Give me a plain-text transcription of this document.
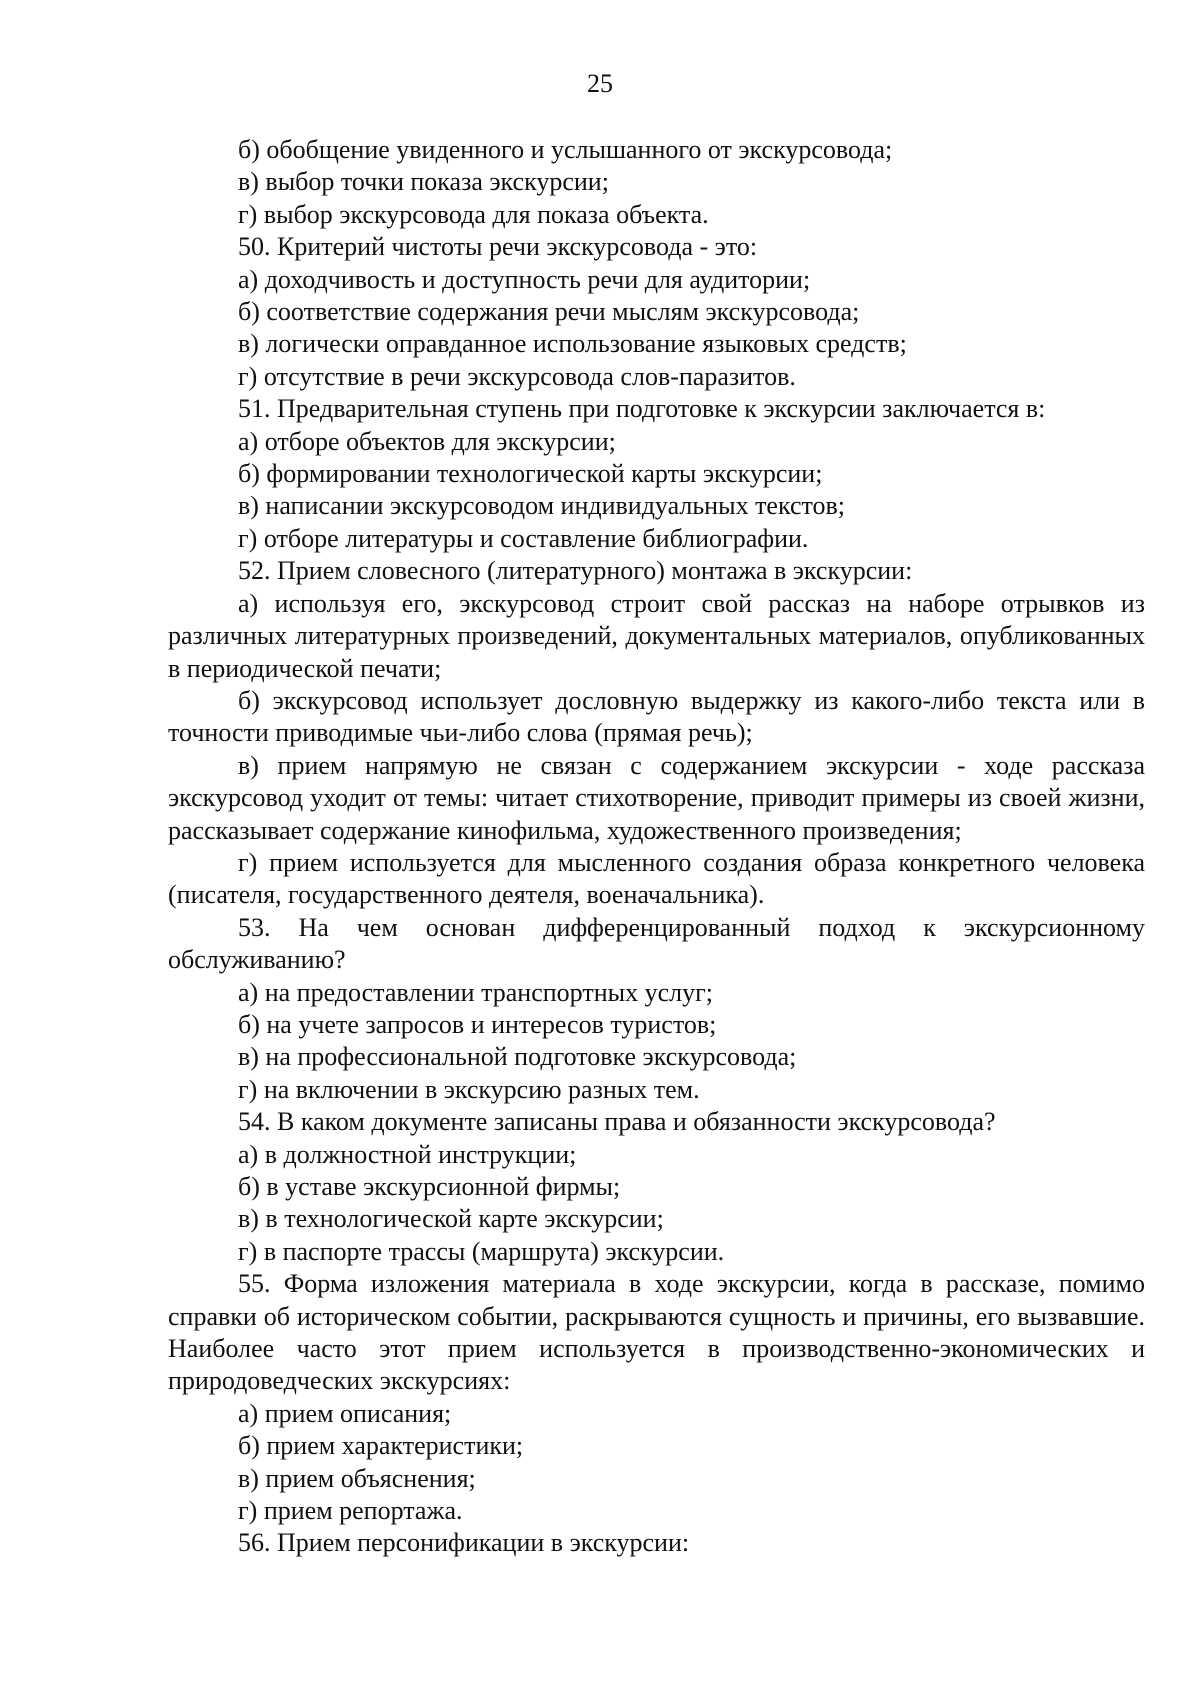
25
б) обобщение увиденного и услышанного от экскурсовода;
в) выбор точки показа экскурсии;
г) выбор экскурсовода для показа объекта.
50. Критерий чистоты речи экскурсовода - это:
а) доходчивость и доступность речи для аудитории;
б) соответствие содержания речи мыслям экскурсовода;
в) логически оправданное использование языковых средств;
г) отсутствие в речи экскурсовода слов-паразитов.
51. Предварительная ступень при подготовке к экскурсии заключается в:
а) отборе объектов для экскурсии;
б) формировании технологической карты экскурсии;
в) написании экскурсоводом индивидуальных текстов;
г) отборе литературы и составление библиографии.
52. Прием словесного (литературного) монтажа в экскурсии:
а) используя его, экскурсовод строит свой рассказ на наборе отрывков из различных литературных произведений, документальных материалов, опубликованных в периодической печати;
б) экскурсовод использует дословную выдержку из какого-либо текста или в точности приводимые чьи-либо слова (прямая речь);
в) прием напрямую не связан с содержанием экскурсии - ходе рассказа экскурсовод уходит от темы: читает стихотворение, приводит примеры из своей жизни, рассказывает содержание кинофильма, художественного произведения;
г) прием используется для мысленного создания образа конкретного человека (писателя, государственного деятеля, военачальника).
53. На чем основан дифференцированный подход к экскурсионному обслуживанию?
а) на предоставлении транспортных услуг;
б) на учете запросов и интересов туристов;
в) на профессиональной подготовке экскурсовода;
г) на включении в экскурсию разных тем.
54. В каком документе записаны права и обязанности экскурсовода?
а) в должностной инструкции;
б) в уставе экскурсионной фирмы;
в) в технологической карте экскурсии;
г) в паспорте трассы (маршрута) экскурсии.
55. Форма изложения материала в ходе экскурсии, когда в рассказе, помимо справки об историческом событии, раскрываются сущность и причины, его вызвавшие. Наиболее часто этот прием используется в производственно-экономических и природоведческих экскурсиях:
а) прием описания;
б) прием характеристики;
в) прием объяснения;
г) прием репортажа.
56. Прием персонификации в экскурсии:
